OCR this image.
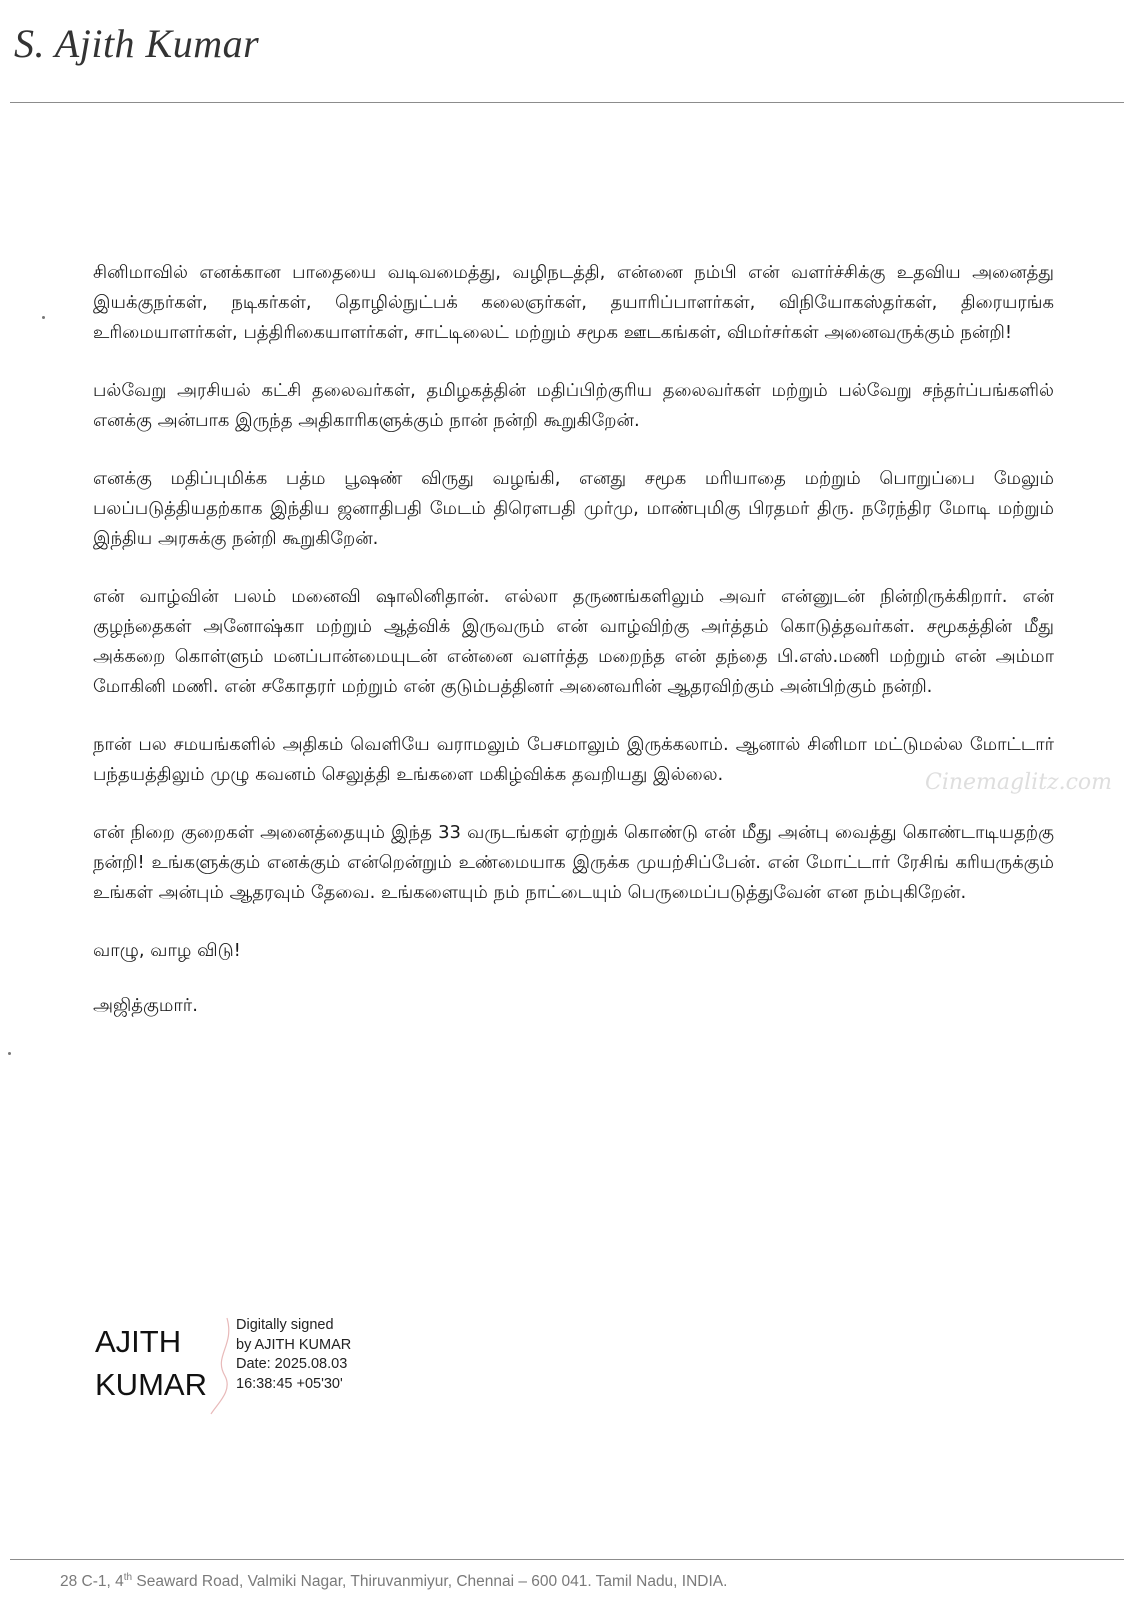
S. Ajith Kumar

சினிமாவில் எனக்கான பாதையை வடிவமைத்து, வழிநடத்தி, என்னை நம்பி என் வளர்ச்சிக்கு உதவிய அனைத்து இயக்குநர்கள், நடிகர்கள், தொழில்நுட்பக் கலைஞர்கள், தயாரிப்பாளர்கள், விநியோகஸ்தர்கள், திரையரங்க உரிமையாளர்கள், பத்திரிகையாளர்கள், சாட்டிலைட் மற்றும் சமூக ஊடகங்கள், விமர்சர்கள் அனைவருக்கும் நன்றி!

பல்வேறு அரசியல் கட்சி தலைவர்கள், தமிழகத்தின் மதிப்பிற்குரிய தலைவர்கள் மற்றும் பல்வேறு சந்தர்ப்பங்களில் எனக்கு அன்பாக இருந்த அதிகாரிகளுக்கும் நான் நன்றி கூறுகிறேன்.

எனக்கு மதிப்புமிக்க பத்ம பூஷண் விருது வழங்கி, எனது சமூக மரியாதை மற்றும் பொறுப்பை மேலும் பலப்படுத்தியதற்காக இந்திய ஜனாதிபதி மேடம் திரௌபதி முர்மு, மாண்புமிகு பிரதமர் திரு. நரேந்திர மோடி மற்றும் இந்திய அரசுக்கு நன்றி கூறுகிறேன்.

என் வாழ்வின் பலம் மனைவி ஷாலினிதான். எல்லா தருணங்களிலும் அவர் என்னுடன் நின்றிருக்கிறார். என் குழந்தைகள் அனோஷ்கா மற்றும் ஆத்விக் இருவரும் என் வாழ்விற்கு அர்த்தம் கொடுத்தவர்கள். சமூகத்தின் மீது அக்கறை கொள்ளும் மனப்பான்மையுடன் என்னை வளர்த்த மறைந்த என் தந்தை பி.எஸ்.மணி மற்றும் என் அம்மா மோகினி மணி. என் சகோதரர் மற்றும் என் குடும்பத்தினர் அனைவரின் ஆதரவிற்கும் அன்பிற்கும் நன்றி.

நான் பல சமயங்களில் அதிகம் வெளியே வராமலும் பேசமாலும் இருக்கலாம். ஆனால் சினிமா மட்டுமல்ல மோட்டார் பந்தயத்திலும் முழு கவனம் செலுத்தி உங்களை மகிழ்விக்க தவறியது இல்லை.

என் நிறை குறைகள் அனைத்தையும் இந்த 33 வருடங்கள் ஏற்றுக் கொண்டு என் மீது அன்பு வைத்து கொண்டாடியதற்கு நன்றி! உங்களுக்கும் எனக்கும் என்றென்றும் உண்மையாக இருக்க முயற்சிப்பேன். என் மோட்டார் ரேசிங் கரியருக்கும் உங்கள் அன்பும் ஆதரவும் தேவை. உங்களையும் நம் நாட்டையும் பெருமைப்படுத்துவேன் என நம்புகிறேன்.

வாழு, வாழ விடு!

அஜித்குமார்.

AJITH
KUMAR
Digitally signed
by AJITH KUMAR
Date: 2025.08.03
16:38:45 +05'30'
Cinemaglitz.com
28 C-1, 4th Seaward Road, Valmiki Nagar, Thiruvanmiyur, Chennai – 600 041. Tamil Nadu, INDIA.
